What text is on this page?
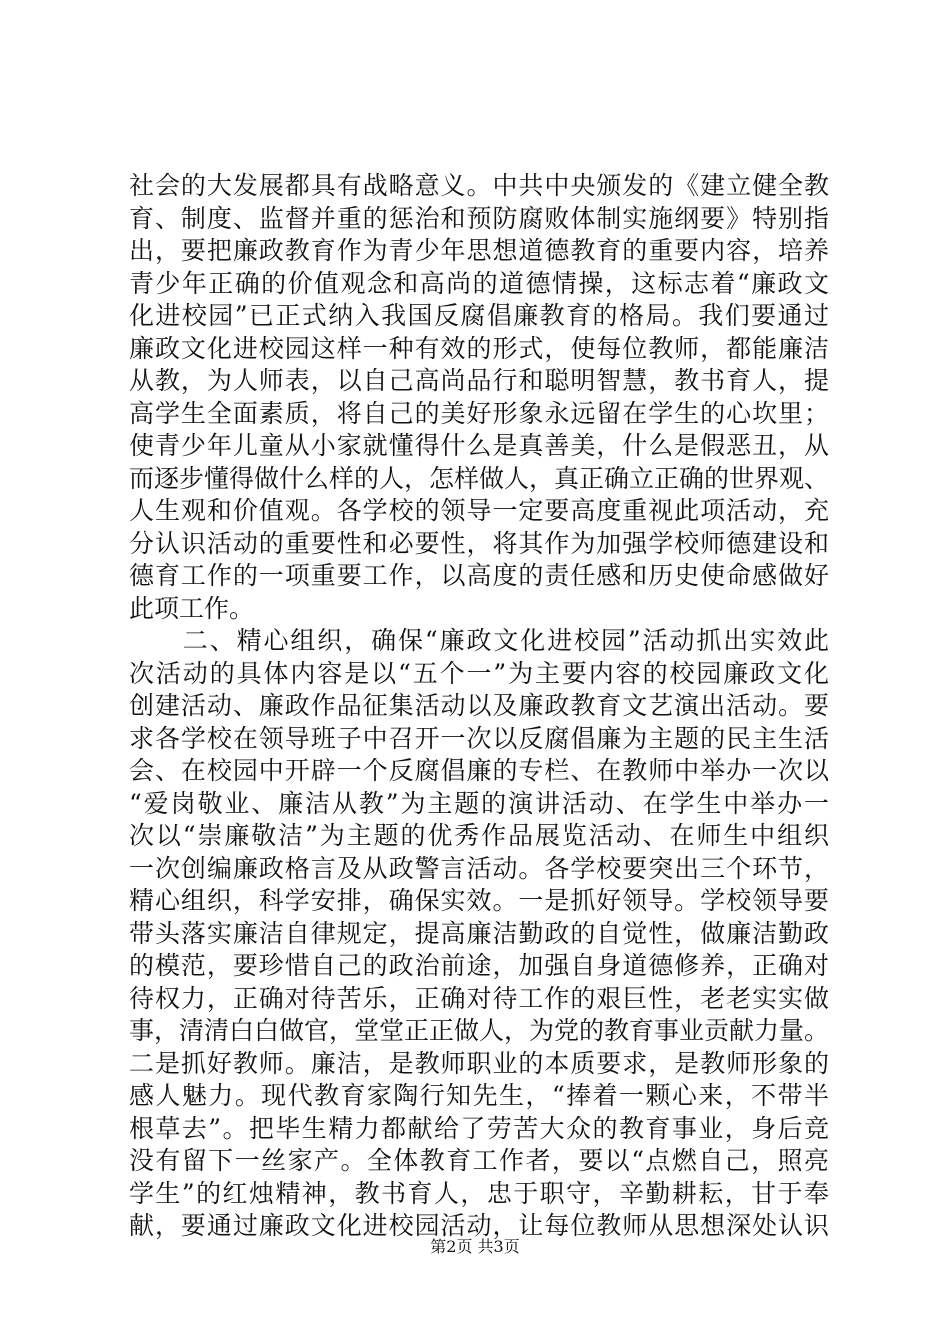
社会的大发展都具有战略意义。中共中央颁发的《建立健全教
育、制度、监督并重的惩治和预防腐败体制实施纲要》特别指
出，要把廉政教育作为青少年思想道德教育的重要内容，培养
青少年正确的价值观念和高尚的道德情操，这标志着“廉政文
化进校园”已正式纳入我国反腐倡廉教育的格局。我们要通过
廉政文化进校园这样一种有效的形式，使每位教师，都能廉洁
从教，为人师表，以自己高尚品行和聪明智慧，教书育人，提
高学生全面素质，将自己的美好形象永远留在学生的心坎里；
使青少年儿童从小家就懂得什么是真善美，什么是假恶丑，从
而逐步懂得做什么样的人，怎样做人，真正确立正确的世界观、
人生观和价值观。各学校的领导一定要高度重视此项活动，充
分认识活动的重要性和必要性，将其作为加强学校师德建设和
德育工作的一项重要工作，以高度的责任感和历史使命感做好
此项工作。
　　二、精心组织，确保“廉政文化进校园”活动抓出实效此
次活动的具体内容是以“五个一”为主要内容的校园廉政文化
创建活动、廉政作品征集活动以及廉政教育文艺演出活动。要
求各学校在领导班子中召开一次以反腐倡廉为主题的民主生活
会、在校园中开辟一个反腐倡廉的专栏、在教师中举办一次以
“爱岗敬业、廉洁从教”为主题的演讲活动、在学生中举办一
次以“崇廉敬洁”为主题的优秀作品展览活动、在师生中组织
一次创编廉政格言及从政警言活动。各学校要突出三个环节，
精心组织，科学安排，确保实效。一是抓好领导。学校领导要
带头落实廉洁自律规定，提高廉洁勤政的自觉性，做廉洁勤政
的模范，要珍惜自己的政治前途，加强自身道德修养，正确对
待权力，正确对待苦乐，正确对待工作的艰巨性，老老实实做
事，清清白白做官，堂堂正正做人，为党的教育事业贡献力量。
二是抓好教师。廉洁，是教师职业的本质要求，是教师形象的
感人魅力。现代教育家陶行知先生，“捧着一颗心来，不带半
根草去”。把毕生精力都献给了劳苦大众的教育事业，身后竞
没有留下一丝家产。全体教育工作者，要以“点燃自己，照亮
学生”的红烛精神，教书育人，忠于职守，辛勤耕耘，甘于奉
献，要通过廉政文化进校园活动，让每位教师从思想深处认识
第2页 共3页
